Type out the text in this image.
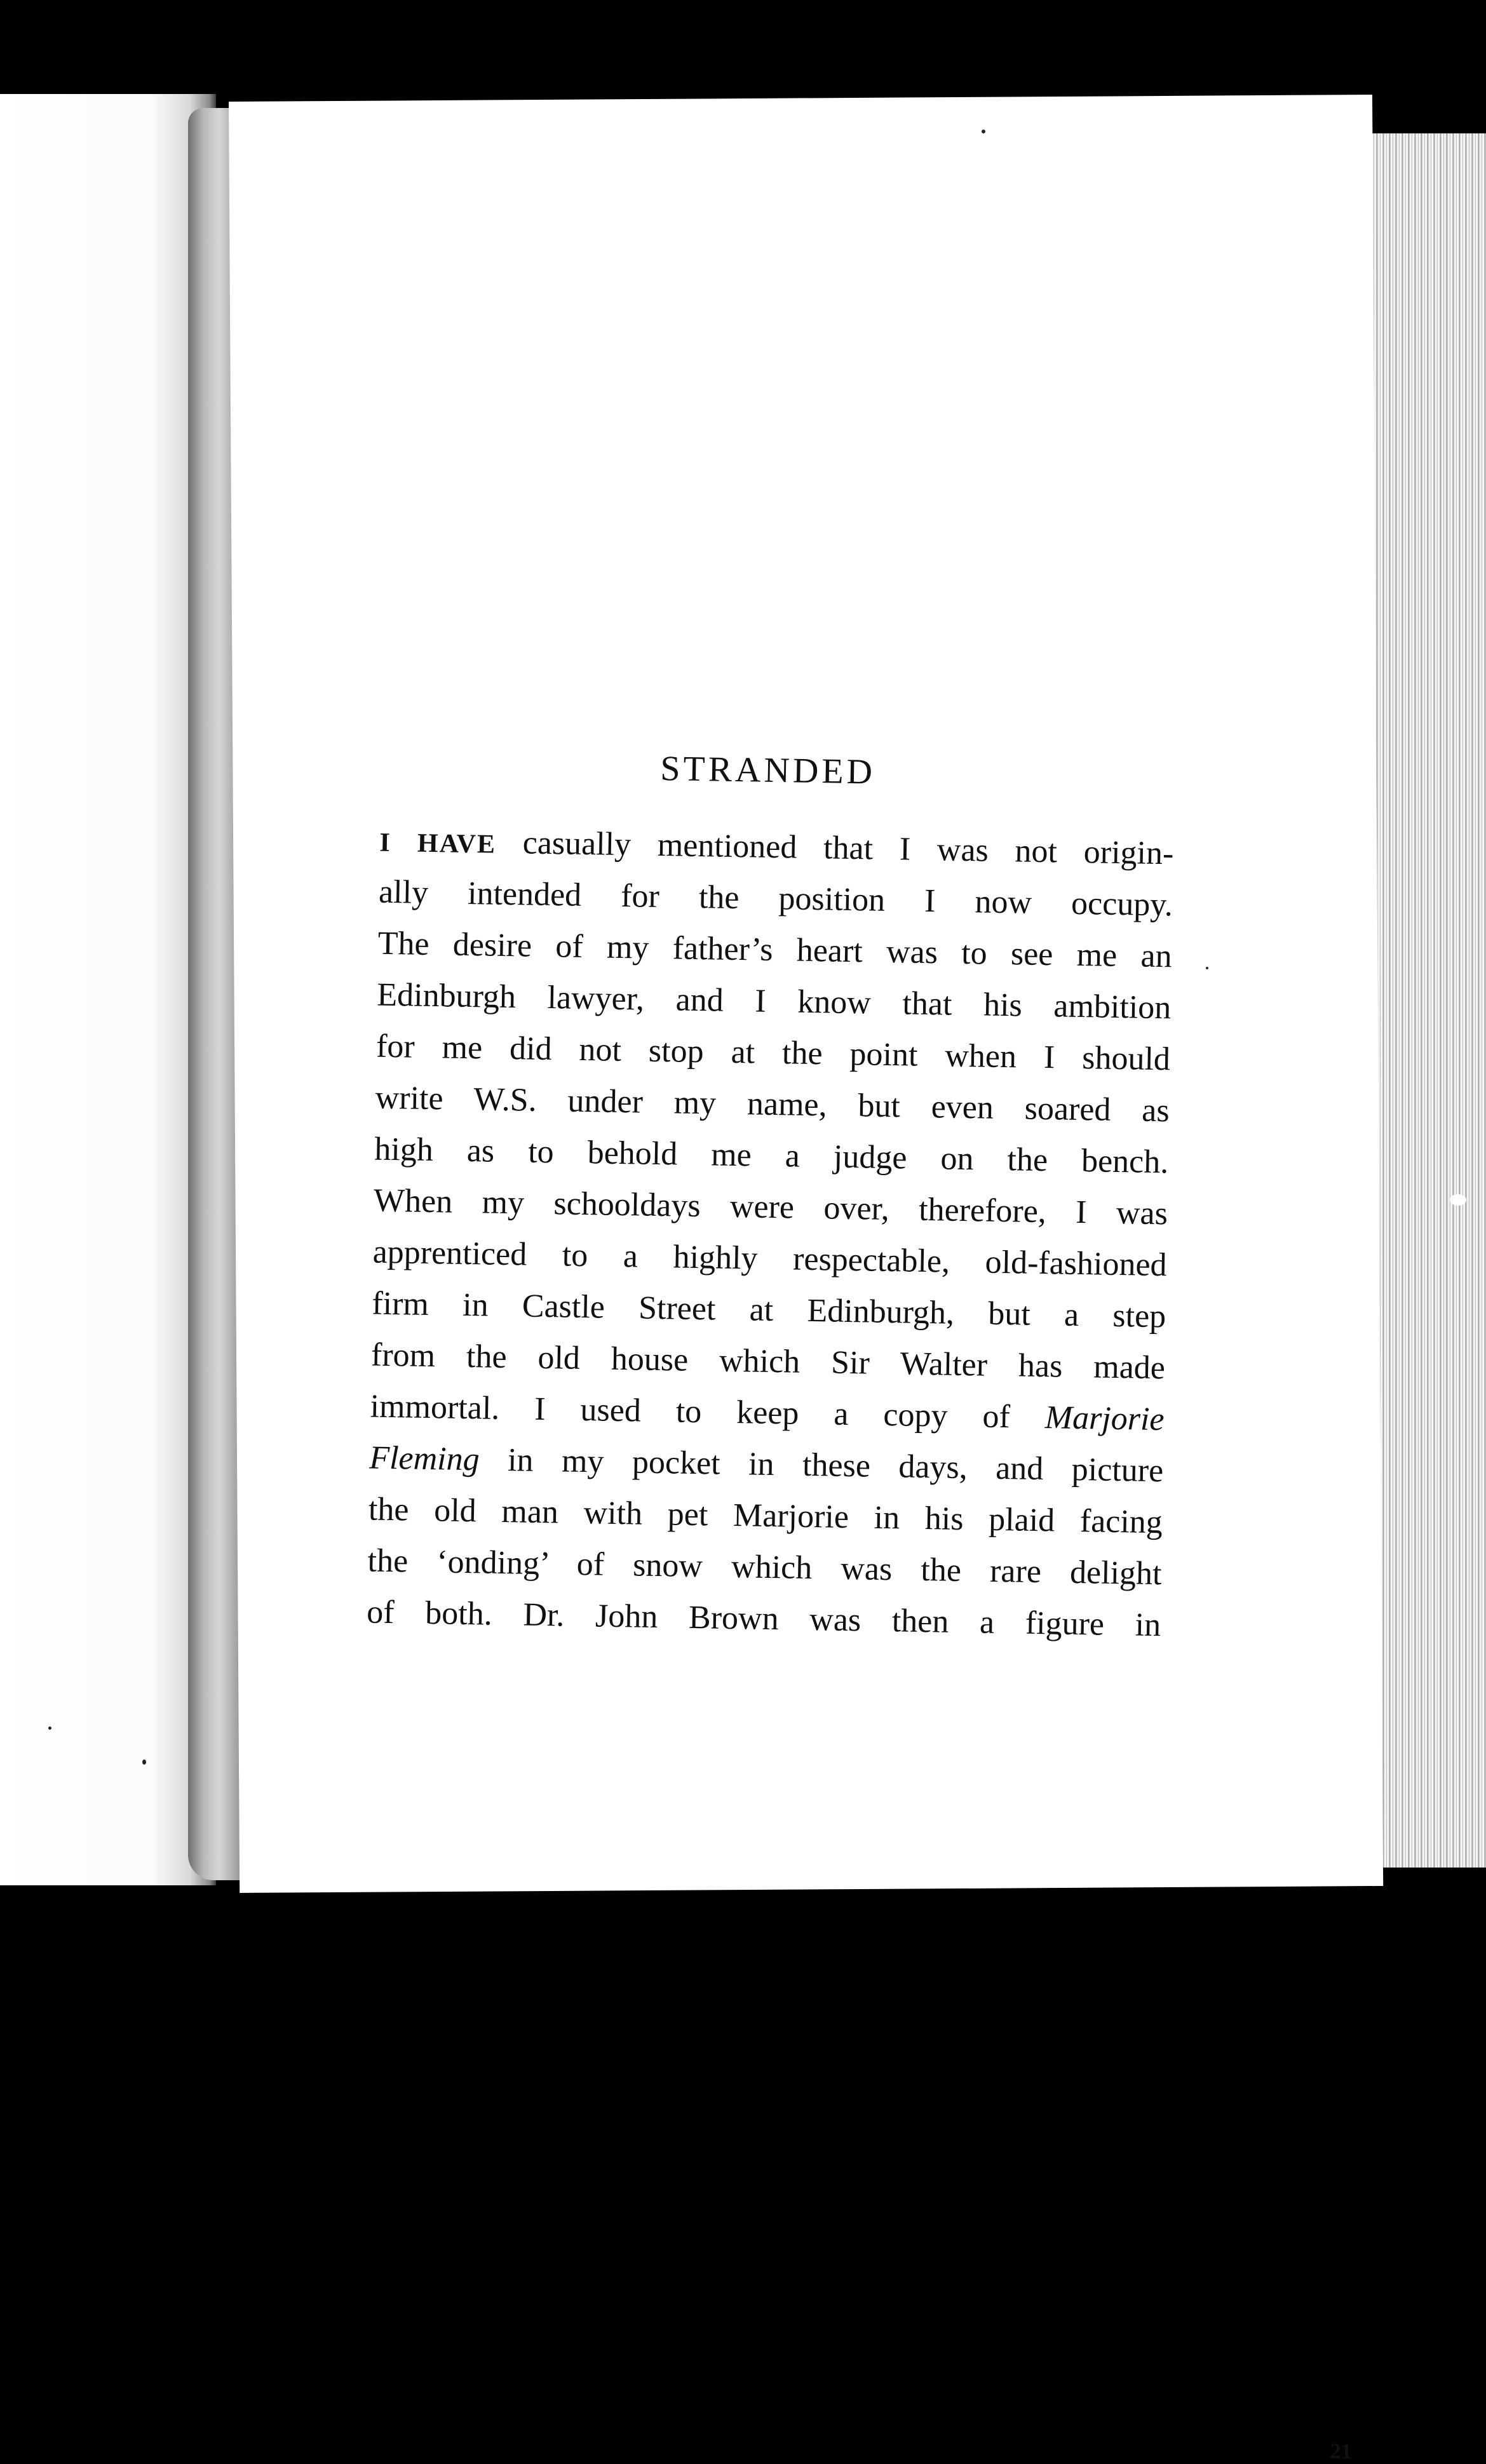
STRANDED
I HAVE casually mentioned that I was not origin-
ally intended for the position I now occupy.
The desire of my father’s heart was to see me an
Edinburgh lawyer, and I know that his ambition
for me did not stop at the point when I should
write W.S. under my name, but even soared as
high as to behold me a judge on the bench.
When my schooldays were over, therefore, I was
apprenticed to a highly respectable, old-fashioned
firm in Castle Street at Edinburgh, but a step
from the old house which Sir Walter has made
immortal. I used to keep a copy of Marjorie
Fleming in my pocket in these days, and picture
the old man with pet Marjorie in his plaid facing
the ‘onding’ of snow which was the rare delight
of both. Dr. John Brown was then a figure in
21
